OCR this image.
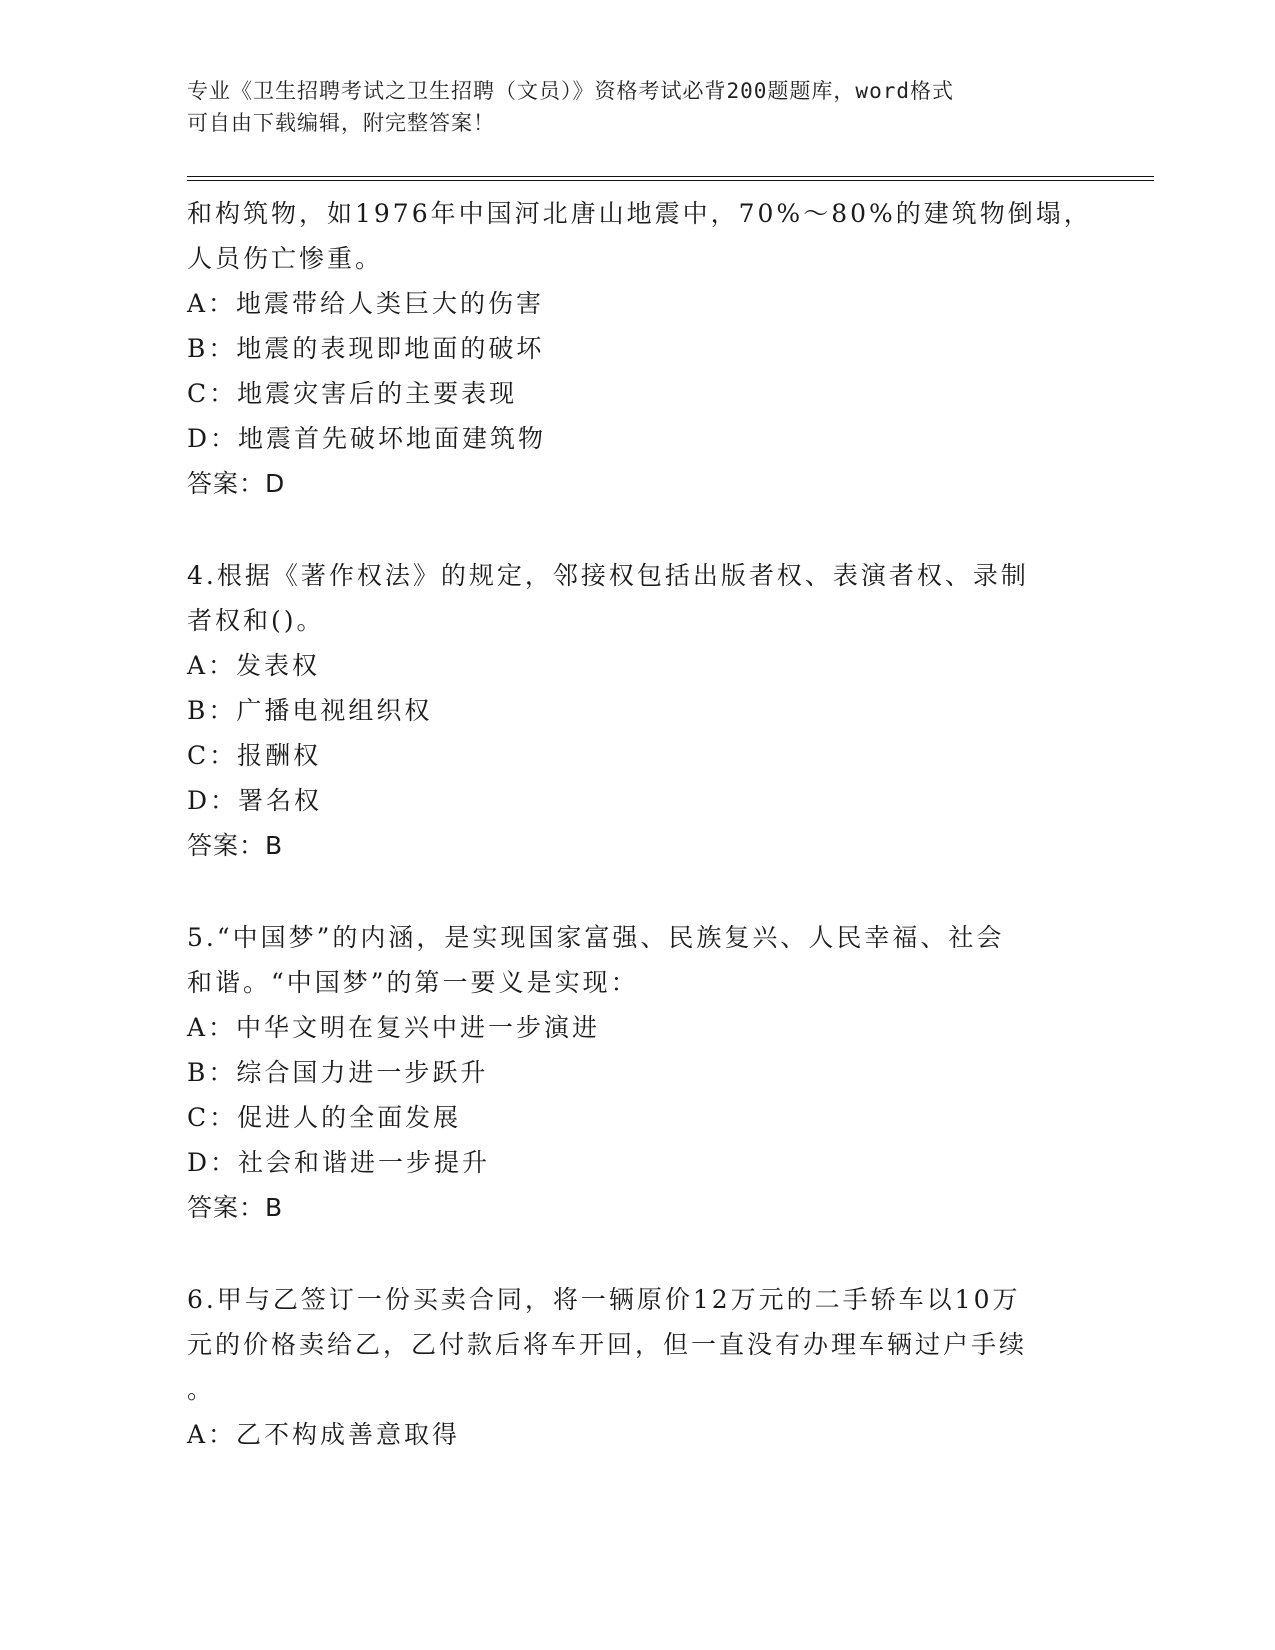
专业《卫生招聘考试之卫生招聘（文员）》资格考试必背200题题库，word格式
可自由下载编辑，附完整答案！
和构筑物，如1976年中国河北唐山地震中，70%～80%的建筑物倒塌，
人员伤亡惨重。
A：地震带给人类巨大的伤害
B：地震的表现即地面的破坏
C：地震灾害后的主要表现
D：地震首先破坏地面建筑物
答案：D
4.根据《著作权法》的规定，邻接权包括出版者权、表演者权、录制
者权和()。
A：发表权
B：广播电视组织权
C：报酬权
D：署名权
答案：B
5.“中国梦”的内涵，是实现国家富强、民族复兴、人民幸福、社会
和谐。“中国梦”的第一要义是实现：
A：中华文明在复兴中进一步演进
B：综合国力进一步跃升
C：促进人的全面发展
D：社会和谐进一步提升
答案：B
6.甲与乙签订一份买卖合同，将一辆原价12万元的二手轿车以10万
元的价格卖给乙，乙付款后将车开回，但一直没有办理车辆过户手续
。
A：乙不构成善意取得
